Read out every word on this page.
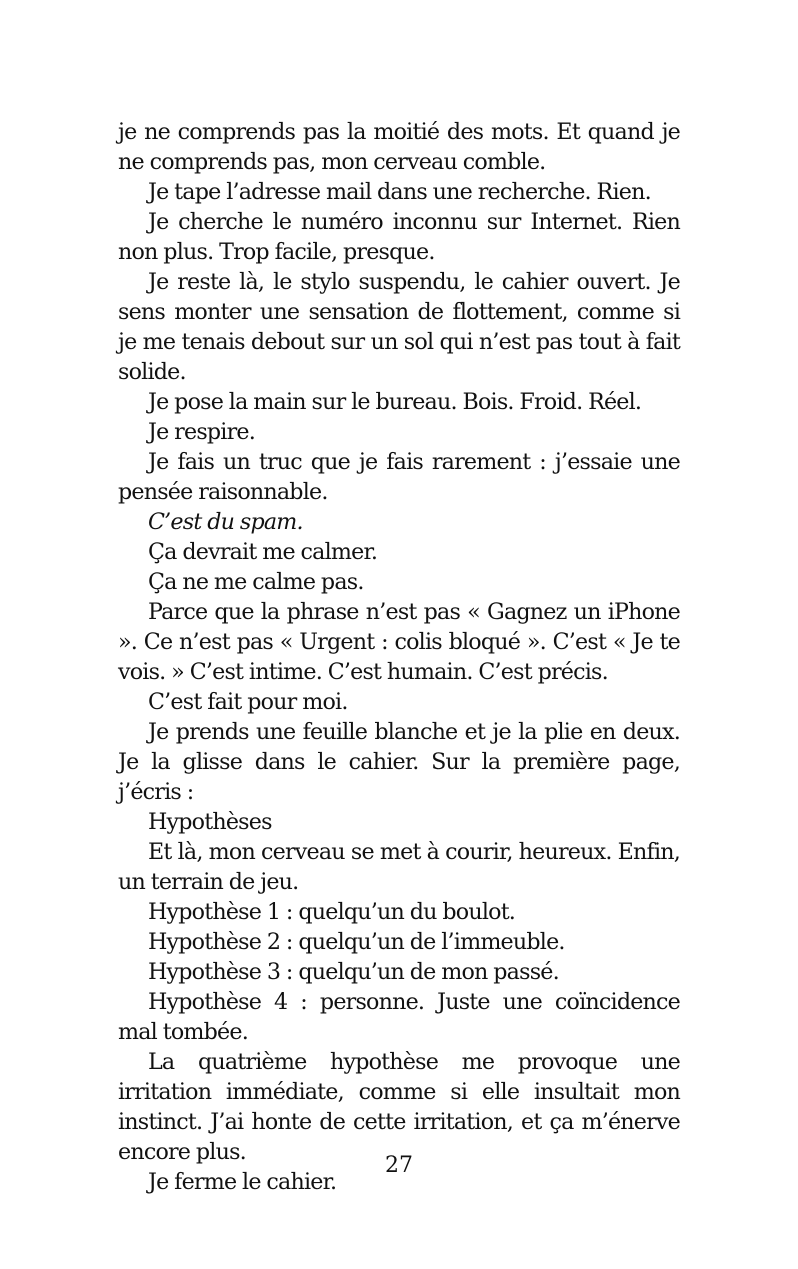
je ne comprends pas la moitié des mots. Et quand je ne comprends pas, mon cerveau comble.

Je tape l’adresse mail dans une recherche. Rien.

Je cherche le numéro inconnu sur Internet. Rien non plus. Trop facile, presque.

Je reste là, le stylo suspendu, le cahier ouvert. Je sens monter une sensation de flottement, comme si je me tenais debout sur un sol qui n’est pas tout à fait solide.

Je pose la main sur le bureau. Bois. Froid. Réel.

Je respire.

Je fais un truc que je fais rarement : j’essaie une pensée raisonnable.

C’est du spam.

Ça devrait me calmer.

Ça ne me calme pas.

Parce que la phrase n’est pas « Gagnez un iPhone ». Ce n’est pas « Urgent : colis bloqué ». C’est « Je te vois. » C’est intime. C’est humain. C’est précis.

C’est fait pour moi.

Je prends une feuille blanche et je la plie en deux. Je la glisse dans le cahier. Sur la première page, j’écris :

Hypothèses

Et là, mon cerveau se met à courir, heureux. Enfin, un terrain de jeu.

Hypothèse 1 : quelqu’un du boulot.

Hypothèse 2 : quelqu’un de l’immeuble.

Hypothèse 3 : quelqu’un de mon passé.

Hypothèse 4 : personne. Juste une coïncidence mal tombée.

La quatrième hypothèse me provoque une irritation immédiate, comme si elle insultait mon instinct. J’ai honte de cette irritation, et ça m’énerve encore plus.

Je ferme le cahier.

27
